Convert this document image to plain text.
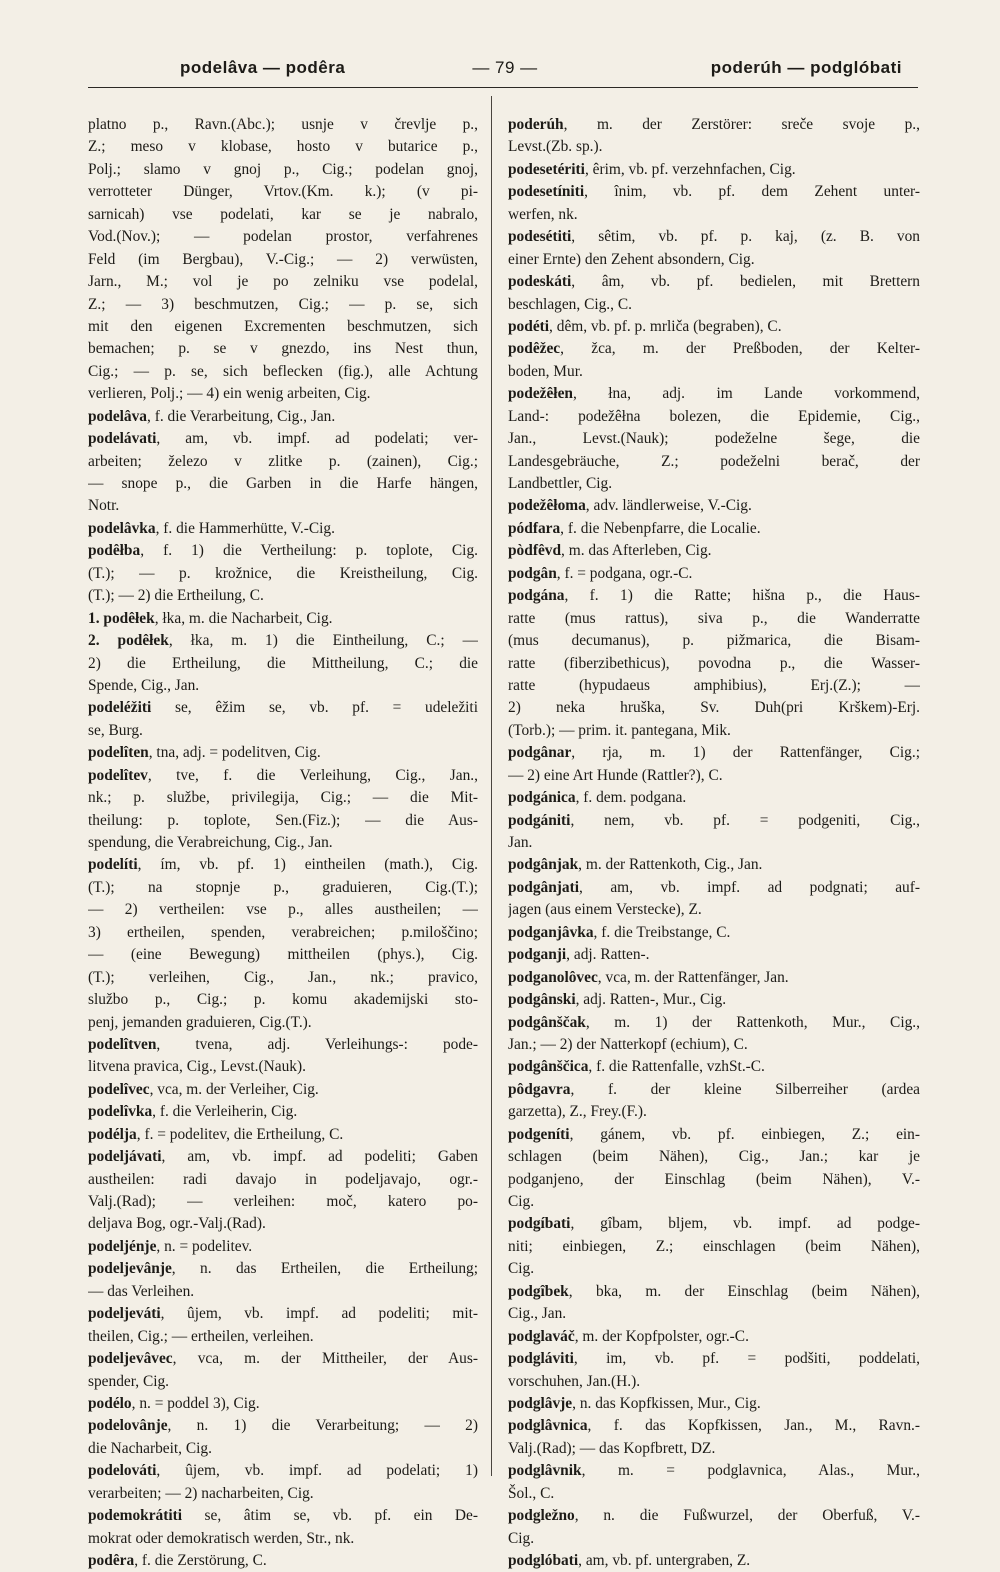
podelâva — podêra	— 79 —	poderúh — podglóbati
platno p., Ravn.(Abc.); usnje v črevlje p.,
Z.; meso v klobase, hosto v butarice p.,
Polj.; slamo v gnoj p., Cig.; podelan gnoj,
verrotteter Dünger, Vrtov.(Km. k.); (v pi-
sarnicah) vse podelati, kar se je nabralo,
Vod.(Nov.); — podelan prostor, verfahrenes
Feld (im Bergbau), V.-Cig.; — 2) verwüsten,
Jarn., M.; vol je po zelniku vse podelal,
Z.; — 3) beschmutzen, Cig.; — p. se, sich
mit den eigenen Excrementen beschmutzen, sich
bemachen; p. se v gnezdo, ins Nest thun,
Cig.; — p. se, sich beflecken (fig.), alle Achtung
verlieren, Polj.; — 4) ein wenig arbeiten, Cig.
podelâva, f. die Verarbeitung, Cig., Jan.
podelávati, am, vb. impf. ad podelati; ver-
arbeiten; železo v zlitke p. (zainen), Cig.;
— snope p., die Garben in die Harfe hängen,
Notr.
podelâvka, f. die Hammerhütte, V.-Cig.
podêłba, f. 1) die Vertheilung: p. toplote, Cig.
(T.); — p. krožnice, die Kreistheilung, Cig.
(T.); — 2) die Ertheilung, C.
1. podêłek, łka, m. die Nacharbeit, Cig.
2. podêłek, łka, m. 1) die Eintheilung, C.; —
2) die Ertheilung, die Mittheilung, C.; die
Spende, Cig., Jan.
podeléžiti se, êžim se, vb. pf. = udeležiti
se, Burg.
podelîten, tna, adj. = podelitven, Cig.
podelîtev, tve, f. die Verleihung, Cig., Jan.,
nk.; p. službe, privilegija, Cig.; — die Mit-
theilung: p. toplote, Sen.(Fiz.); — die Aus-
spendung, die Verabreichung, Cig., Jan.
podelíti, ím, vb. pf. 1) eintheilen (math.), Cig.
(T.); na stopnje p., graduieren, Cig.(T.);
— 2) vertheilen: vse p., alles austheilen; —
3) ertheilen, spenden, verabreichen; p.miloščino;
— (eine Bewegung) mittheilen (phys.), Cig.
(T.); verleihen, Cig., Jan., nk.; pravico,
službo p., Cig.; p. komu akademijski sto-
penj, jemanden graduieren, Cig.(T.).
podelîtven, tvena, adj. Verleihungs-: pode-
litvena pravica, Cig., Levst.(Nauk).
podelîvec, vca, m. der Verleiher, Cig.
podelîvka, f. die Verleiherin, Cig.
podélja, f. = podelitev, die Ertheilung, C.
podeljávati, am, vb. impf. ad podeliti; Gaben
austheilen: radi davajo in podeljavajo, ogr.-
Valj.(Rad); — verleihen: moč, katero po-
deljava Bog, ogr.-Valj.(Rad).
podeljénje, n. = podelitev.
podeljevânje, n. das Ertheilen, die Ertheilung;
— das Verleihen.
podeljeváti, ûjem, vb. impf. ad podeliti; mit-
theilen, Cig.; — ertheilen, verleihen.
podeljevâvec, vca, m. der Mittheiler, der Aus-
spender, Cig.
podélo, n. = poddel 3), Cig.
podelovânje, n. 1) die Verarbeitung; — 2)
die Nacharbeit, Cig.
podelováti, ûjem, vb. impf. ad podelati; 1)
verarbeiten; — 2) nacharbeiten, Cig.
podemokrátiti se, âtim se, vb. pf. ein De-
mokrat oder demokratisch werden, Str., nk.
podêra, f. die Zerstörung, C.
poderúh, m. der Zerstörer: sreče svoje p.,
Levst.(Zb. sp.).
podesetériti, êrim, vb. pf. verzehnfachen, Cig.
podesetíniti, înim, vb. pf. dem Zehent unter-
werfen, nk.
podesétiti, sêtim, vb. pf. p. kaj, (z. B. von
einer Ernte) den Zehent absondern, Cig.
podeskáti, âm, vb. pf. bedielen, mit Brettern
beschlagen, Cig., C.
podéti, dêm, vb. pf. p. mrliča (begraben), C.
podêžec, žca, m. der Preßboden, der Kelter-
boden, Mur.
podežêłen, łna, adj. im Lande vorkommend,
Land-: podežêłna bolezen, die Epidemie, Cig.,
Jan., Levst.(Nauk); podeželne šege, die
Landesgebräuche, Z.; podeželni berač, der
Landbettler, Cig.
podežêłoma, adv. ländlerweise, V.-Cig.
pódfara, f. die Nebenpfarre, die Localie.
pòdfêvd, m. das Afterleben, Cig.
podgân, f. = podgana, ogr.-C.
podgána, f. 1) die Ratte; hišna p., die Haus-
ratte (mus rattus), siva p., die Wanderratte
(mus decumanus), p. pižmarica, die Bisam-
ratte (fiberzibethicus), povodna p., die Wasser-
ratte (hypudaeus amphibius), Erj.(Z.); —
2) neka hruška, Sv. Duh(pri Krškem)-Erj.
(Torb.); — prim. it. pantegana, Mik.
podgânar, rja, m. 1) der Rattenfänger, Cig.;
— 2) eine Art Hunde (Rattler?), C.
podgánica, f. dem. podgana.
podgániti, nem, vb. pf. = podgeniti, Cig.,
Jan.
podgânjak, m. der Rattenkoth, Cig., Jan.
podgânjati, am, vb. impf. ad podgnati; auf-
jagen (aus einem Verstecke), Z.
podganjâvka, f. die Treibstange, C.
podganji, adj. Ratten-.
podganolôvec, vca, m. der Rattenfänger, Jan.
podgânski, adj. Ratten-, Mur., Cig.
podgânščak, m. 1) der Rattenkoth, Mur., Cig.,
Jan.; — 2) der Natterkopf (echium), C.
podgânščica, f. die Rattenfalle, vzhSt.-C.
pôdgavra, f. der kleine Silberreiher (ardea
garzetta), Z., Frey.(F.).
podgeníti, gánem, vb. pf. einbiegen, Z.; ein-
schlagen (beim Nähen), Cig., Jan.; kar je
podganjeno, der Einschlag (beim Nähen), V.-
Cig.
podgíbati, gîbam, bljem, vb. impf. ad podge-
niti; einbiegen, Z.; einschlagen (beim Nähen),
Cig.
podgîbek, bka, m. der Einschlag (beim Nähen),
Cig., Jan.
podglaváč, m. der Kopfpolster, ogr.-C.
podgláviti, im, vb. pf. = podšiti, poddelati,
vorschuhen, Jan.(H.).
podglâvje, n. das Kopfkissen, Mur., Cig.
podglâvnica, f. das Kopfkissen, Jan., M., Ravn.-
Valj.(Rad); — das Kopfbrett, DZ.
podglâvnik, m. = podglavnica, Alas., Mur.,
Šol., C.
podgležno, n. die Fußwurzel, der Oberfuß, V.-
Cig.
podglóbati, am, vb. pf. untergraben, Z.
